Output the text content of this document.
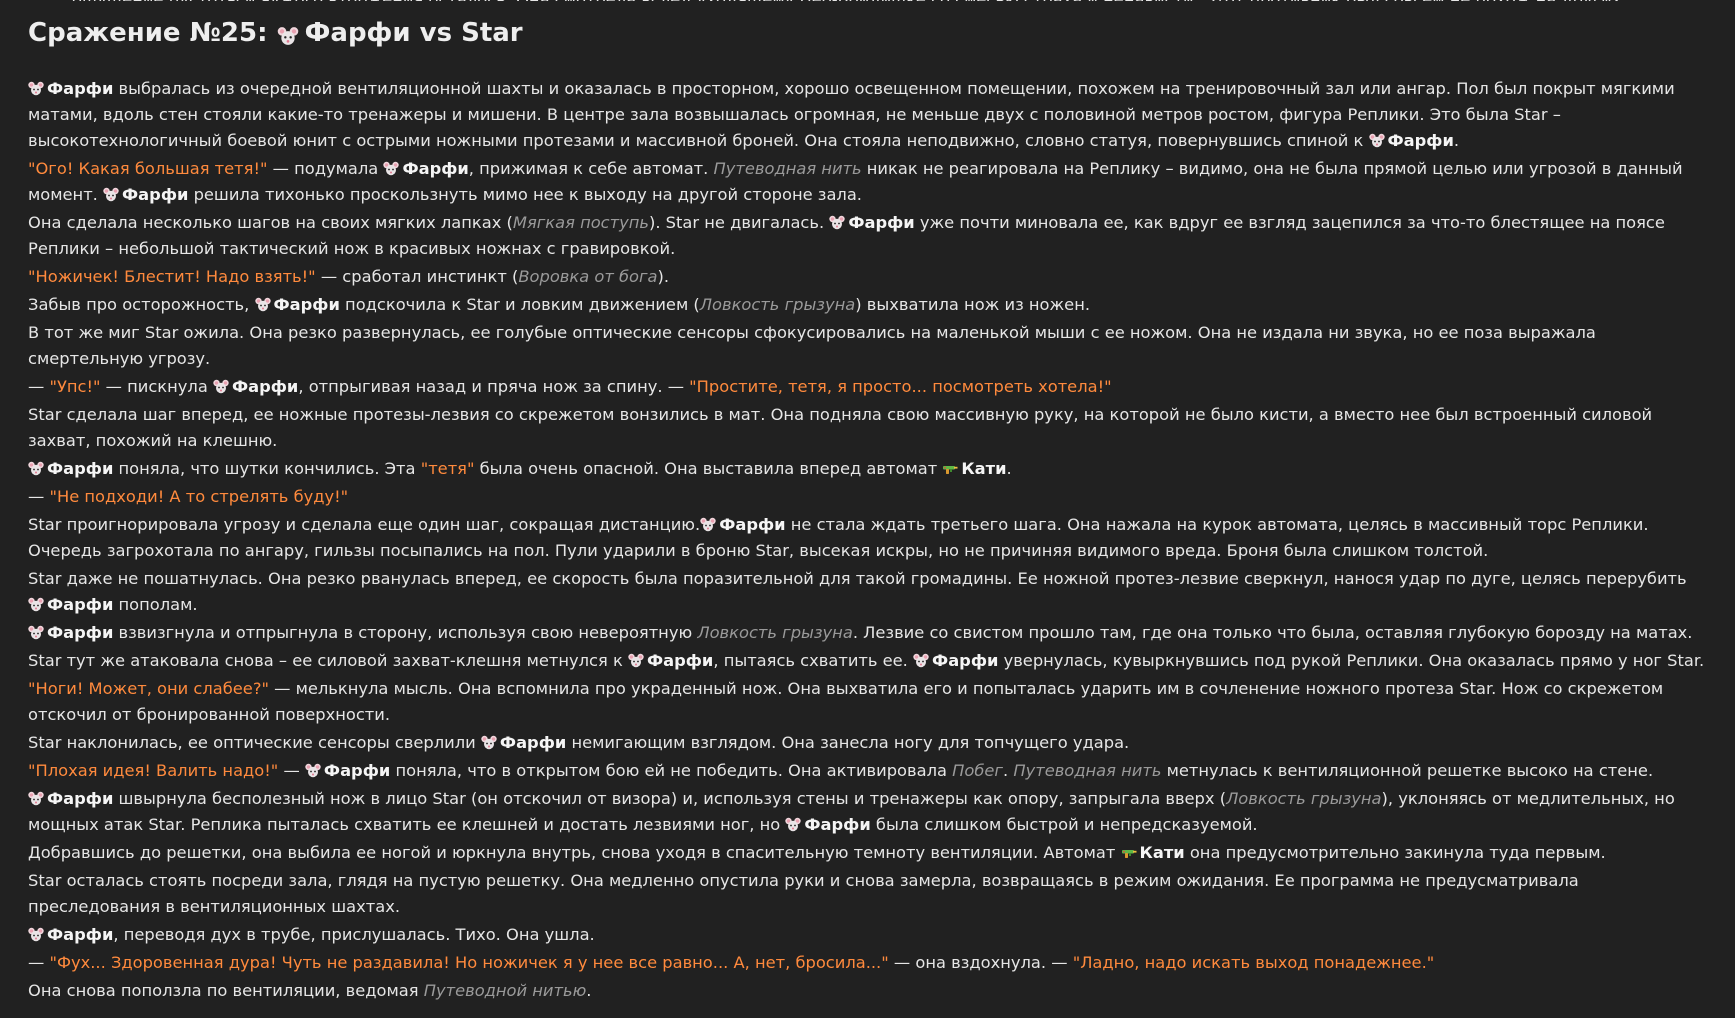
Сражение №25: Фарфи vs Star
Фарфи выбралась из очередной вентиляционной шахты и оказалась в просторном, хорошо освещенном помещении, похожем на тренировочный зал или ангар. Пол был покрыт мягкими матами, вдоль стен стояли какие-то тренажеры и мишени. В центре зала возвышалась огромная, не меньше двух с половиной метров ростом, фигура Реплики. Это была Star – высокотехнологичный боевой юнит с острыми ножными протезами и массивной броней. Она стояла неподвижно, словно статуя, повернувшись спиной к Фарфи.
"Ого! Какая большая тетя!" — подумала Фарфи, прижимая к себе автомат. Путеводная нить никак не реагировала на Реплику – видимо, она не была прямой целью или угрозой в данный момент. Фарфи решила тихонько проскользнуть мимо нее к выходу на другой стороне зала.
Она сделала несколько шагов на своих мягких лапках (Мягкая поступь). Star не двигалась. Фарфи уже почти миновала ее, как вдруг ее взгляд зацепился за что-то блестящее на поясе Реплики – небольшой тактический нож в красивых ножнах с гравировкой.
"Ножичек! Блестит! Надо взять!" — сработал инстинкт (Воровка от бога).
Забыв про осторожность, Фарфи подскочила к Star и ловким движением (Ловкость грызуна) выхватила нож из ножен.
В тот же миг Star ожила. Она резко развернулась, ее голубые оптические сенсоры сфокусировались на маленькой мыши с ее ножом. Она не издала ни звука, но ее поза выражала смертельную угрозу.
— "Упс!" — пискнула Фарфи, отпрыгивая назад и пряча нож за спину. — "Простите, тетя, я просто... посмотреть хотела!"
Star сделала шаг вперед, ее ножные протезы-лезвия со скрежетом вонзились в мат. Она подняла свою массивную руку, на которой не было кисти, а вместо нее был встроенный силовой захват, похожий на клешню.
Фарфи поняла, что шутки кончились. Эта "тетя" была очень опасной. Она выставила вперед автомат Кати.
— "Не подходи! А то стрелять буду!"
Star проигнорировала угрозу и сделала еще один шаг, сокращая дистанцию. Фарфи не стала ждать третьего шага. Она нажала на курок автомата, целясь в массивный торс Реплики. Очередь загрохотала по ангару, гильзы посыпались на пол. Пули ударили в броню Star, высекая искры, но не причиняя видимого вреда. Броня была слишком толстой.
Star даже не пошатнулась. Она резко рванулась вперед, ее скорость была поразительной для такой громадины. Ее ножной протез-лезвие сверкнул, нанося удар по дуге, целясь перерубить Фарфи пополам.
Фарфи взвизгнула и отпрыгнула в сторону, используя свою невероятную Ловкость грызуна. Лезвие со свистом прошло там, где она только что была, оставляя глубокую борозду на матах.
Star тут же атаковала снова – ее силовой захват-клешня метнулся к Фарфи, пытаясь схватить ее. Фарфи увернулась, кувыркнувшись под рукой Реплики. Она оказалась прямо у ног Star.
"Ноги! Может, они слабее?" — мелькнула мысль. Она вспомнила про украденный нож. Она выхватила его и попыталась ударить им в сочленение ножного протеза Star. Нож со скрежетом отскочил от бронированной поверхности.
Star наклонилась, ее оптические сенсоры сверлили Фарфи немигающим взглядом. Она занесла ногу для топчущего удара.
"Плохая идея! Валить надо!" — Фарфи поняла, что в открытом бою ей не победить. Она активировала Побег. Путеводная нить метнулась к вентиляционной решетке высоко на стене.
Фарфи швырнула бесполезный нож в лицо Star (он отскочил от визора) и, используя стены и тренажеры как опору, запрыгала вверх (Ловкость грызуна), уклоняясь от медлительных, но мощных атак Star. Реплика пыталась схватить ее клешней и достать лезвиями ног, но Фарфи была слишком быстрой и непредсказуемой.
Добравшись до решетки, она выбила ее ногой и юркнула внутрь, снова уходя в спасительную темноту вентиляции. Автомат Кати она предусмотрительно закинула туда первым.
Star осталась стоять посреди зала, глядя на пустую решетку. Она медленно опустила руки и снова замерла, возвращаясь в режим ожидания. Ее программа не предусматривала преследования в вентиляционных шахтах.
Фарфи, переводя дух в трубе, прислушалась. Тихо. Она ушла.
— "Фух... Здоровенная дура! Чуть не раздавила! Но ножичек я у нее все равно... А, нет, бросила..." — она вздохнула. — "Ладно, надо искать выход понадежнее."
Она снова поползла по вентиляции, ведомая Путеводной нитью.
